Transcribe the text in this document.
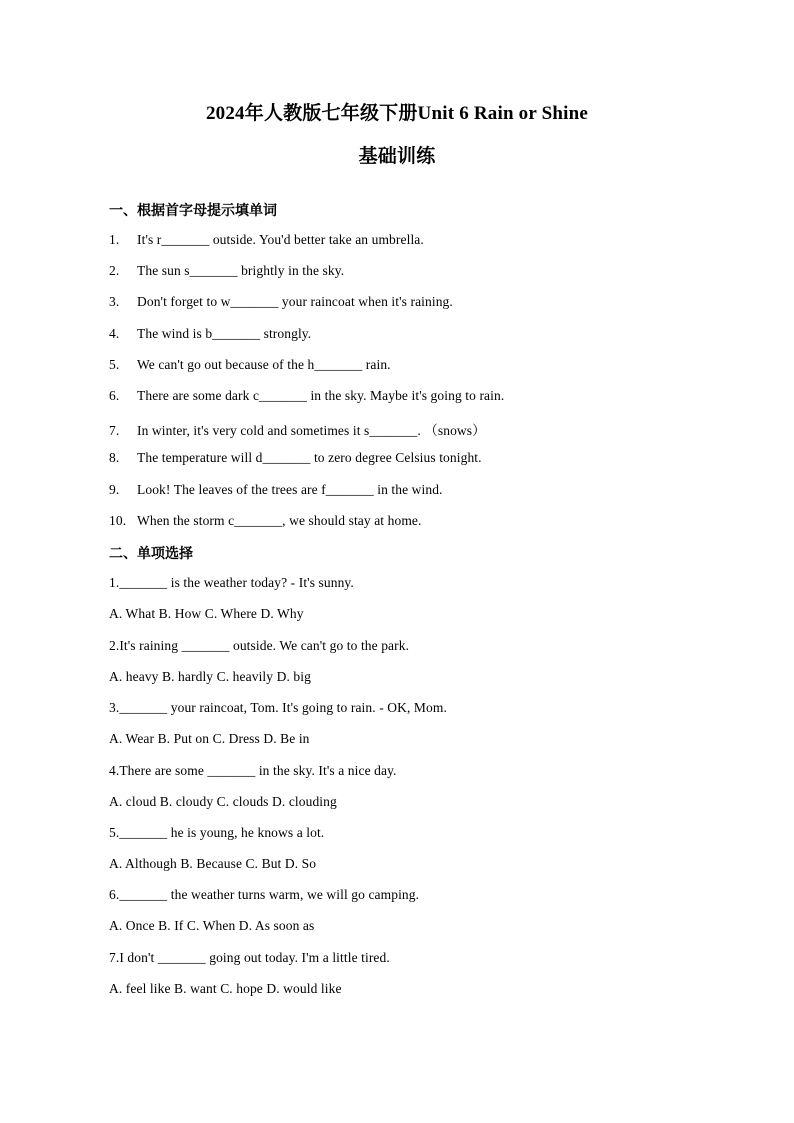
2024年人教版七年级下册Unit 6 Rain or Shine
基础训练
一、根据首字母提示填单词
1. It's r_______ outside. You'd better take an umbrella.
2. The sun s_______ brightly in the sky.
3. Don't forget to w_______ your raincoat when it's raining.
4. The wind is b_______ strongly.
5. We can't go out because of the h_______ rain.
6. There are some dark c_______ in the sky. Maybe it's going to rain.
7. In winter, it's very cold and sometimes it s_______. （snows）
8. The temperature will d_______ to zero degree Celsius tonight.
9. Look! The leaves of the trees are f_______ in the wind.
10. When the storm c_______, we should stay at home.
二、单项选择
1._______ is the weather today? - It's sunny.
A. What B. How C. Where D. Why
2.It's raining _______ outside. We can't go to the park.
A. heavy B. hardly C. heavily D. big
3._______ your raincoat, Tom. It's going to rain. - OK, Mom.
A. Wear B. Put on C. Dress D. Be in
4.There are some _______ in the sky. It's a nice day.
A. cloud B. cloudy C. clouds D. clouding
5._______ he is young, he knows a lot.
A. Although B. Because C. But D. So
6._______ the weather turns warm, we will go camping.
A. Once B. If C. When D. As soon as
7.I don't _______ going out today. I'm a little tired.
A. feel like B. want C. hope D. would like
